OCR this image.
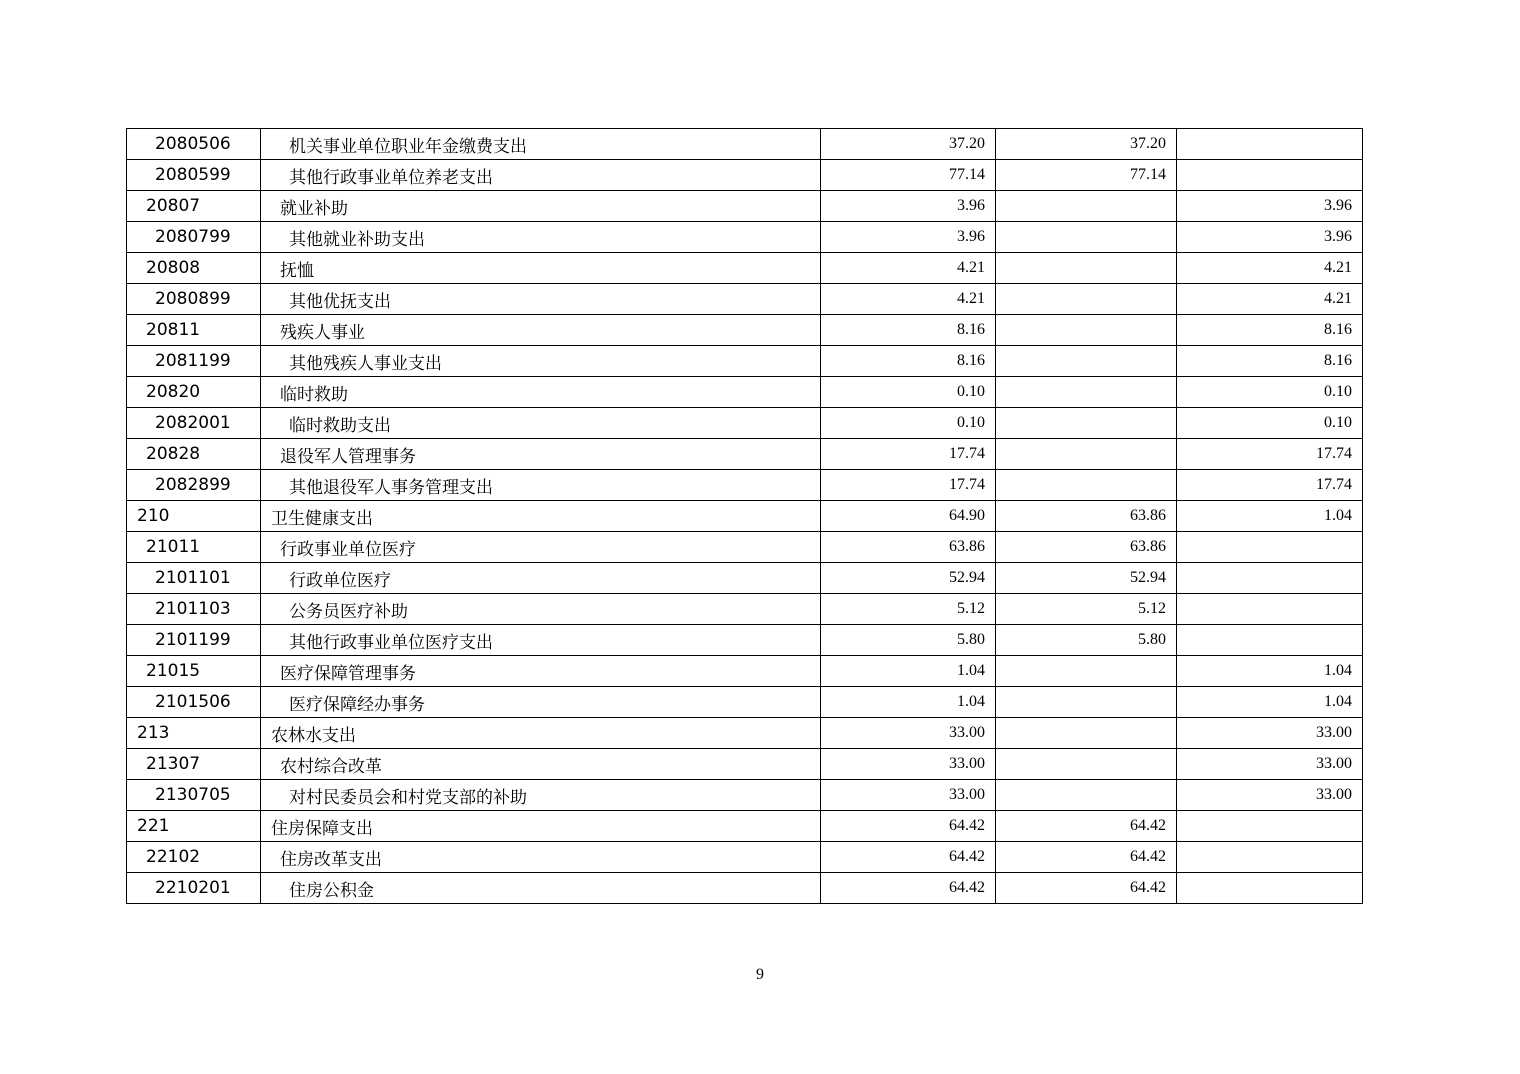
2080506	机关事业单位职业年金缴费支出	37.20	37.20	
2080599	其他行政事业单位养老支出	77.14	77.14	
20807	就业补助	3.96		3.96
2080799	其他就业补助支出	3.96		3.96
20808	抚恤	4.21		4.21
2080899	其他优抚支出	4.21		4.21
20811	残疾人事业	8.16		8.16
2081199	其他残疾人事业支出	8.16		8.16
20820	临时救助	0.10		0.10
2082001	临时救助支出	0.10		0.10
20828	退役军人管理事务	17.74		17.74
2082899	其他退役军人事务管理支出	17.74		17.74
210	卫生健康支出	64.90	63.86	1.04
21011	行政事业单位医疗	63.86	63.86	
2101101	行政单位医疗	52.94	52.94	
2101103	公务员医疗补助	5.12	5.12	
2101199	其他行政事业单位医疗支出	5.80	5.80	
21015	医疗保障管理事务	1.04		1.04
2101506	医疗保障经办事务	1.04		1.04
213	农林水支出	33.00		33.00
21307	农村综合改革	33.00		33.00
2130705	对村民委员会和村党支部的补助	33.00		33.00
221	住房保障支出	64.42	64.42	
22102	住房改革支出	64.42	64.42	
2210201	住房公积金	64.42	64.42	
9
